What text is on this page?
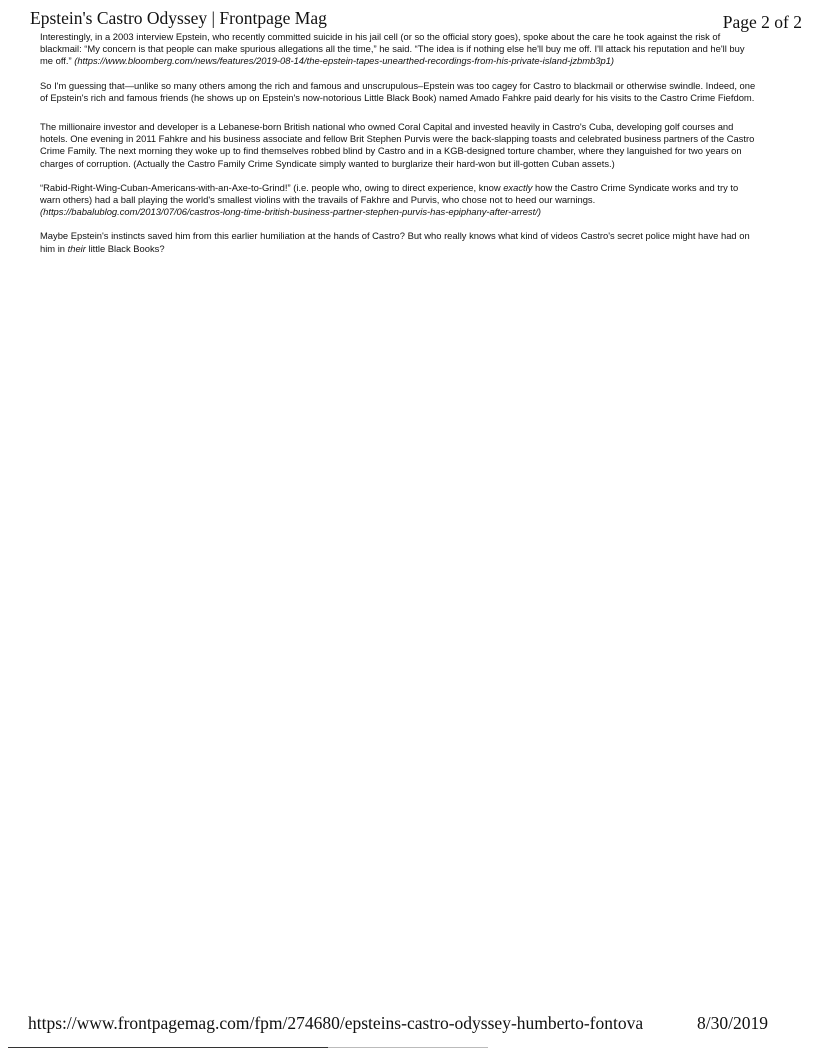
Epstein's Castro Odyssey | Frontpage Mag	Page 2 of 2

Interestingly, in a 2003 interview Epstein, who recently committed suicide in his jail cell (or so the official story goes), spoke about the care he took against the risk of blackmail: “My concern is that people can make spurious allegations all the time,” he said. “The idea is if nothing else he'll buy me off. I'll attack his reputation and he'll buy me off.” (https://www.bloomberg.com/news/features/2019-08-14/the-epstein-tapes-unearthed-recordings-from-his-private-island-jzbmb3p1)

So I'm guessing that—unlike so many others among the rich and famous and unscrupulous–Epstein was too cagey for Castro to blackmail or otherwise swindle. Indeed, one of Epstein's rich and famous friends (he shows up on Epstein's now-notorious Little Black Book) named Amado Fahkre paid dearly for his visits to the Castro Crime Fiefdom.

The millionaire investor and developer is a Lebanese-born British national who owned Coral Capital and invested heavily in Castro's Cuba, developing golf courses and hotels. One evening in 2011 Fahkre and his business associate and fellow Brit Stephen Purvis were the back-slapping toasts and celebrated business partners of the Castro Crime Family. The next morning they woke up to find themselves robbed blind by Castro and in a KGB-designed torture chamber, where they languished for two years on charges of corruption. (Actually the Castro Family Crime Syndicate simply wanted to burglarize their hard-won but ill-gotten Cuban assets.)

“Rabid-Right-Wing-Cuban-Americans-with-an-Axe-to-Grind!” (i.e. people who, owing to direct experience, know exactly how the Castro Crime Syndicate works and try to warn others) had a ball playing the world's smallest violins with the travails of Fakhre and Purvis, who chose not to heed our warnings.
(https://babalublog.com/2013/07/06/castros-long-time-british-business-partner-stephen-purvis-has-epiphany-after-arrest/)

Maybe Epstein's instincts saved him from this earlier humiliation at the hands of Castro? But who really knows what kind of videos Castro's secret police might have had on him in their little Black Books?

https://www.frontpagemag.com/fpm/274680/epsteins-castro-odyssey-humberto-fontova	8/30/2019
